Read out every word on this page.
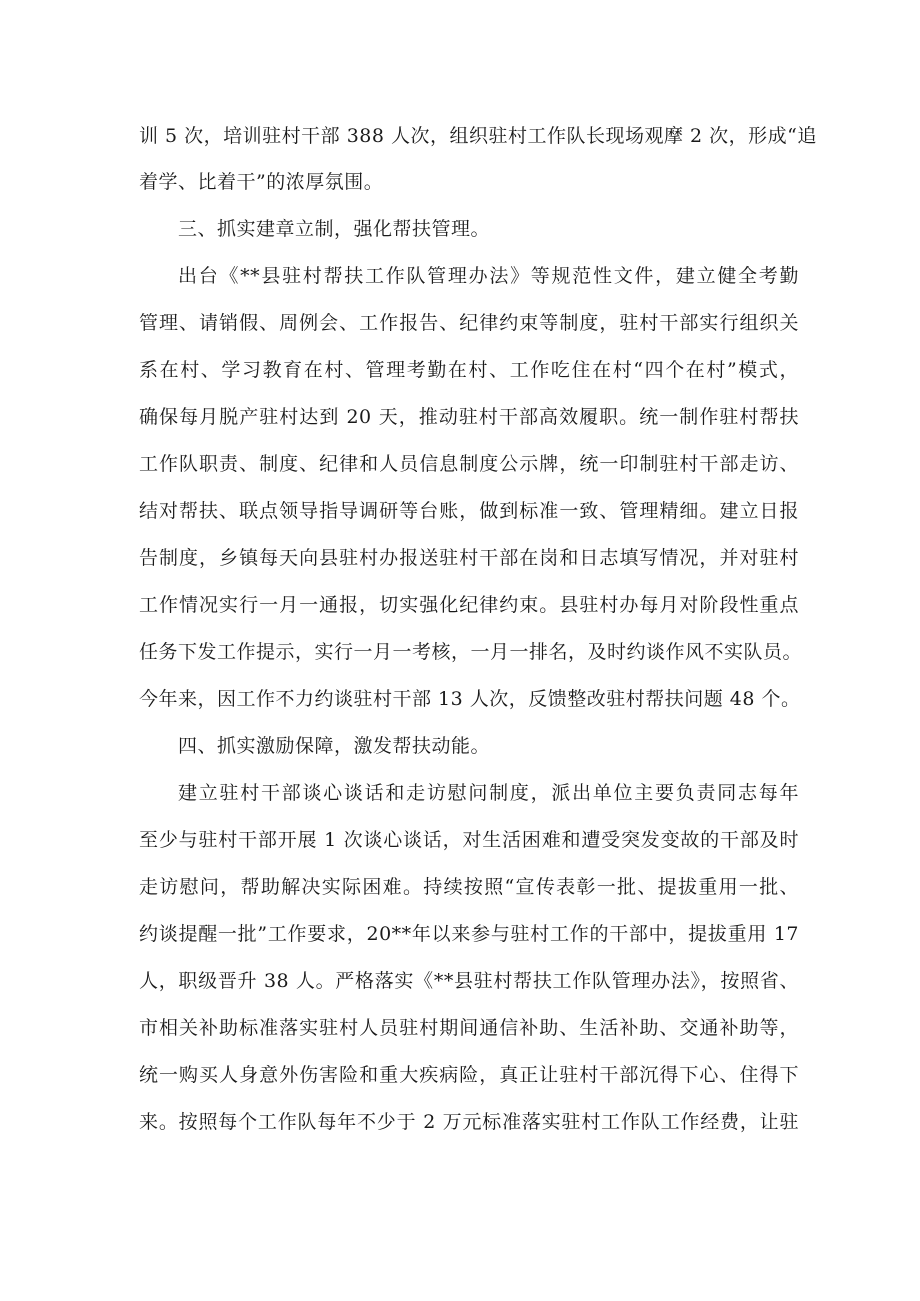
训 5 次，培训驻村干部 388 人次，组织驻村工作队长现场观摩 2 次，形成“追
着学、比着干”的浓厚氛围。
三、抓实建章立制，强化帮扶管理。
出台《**县驻村帮扶工作队管理办法》等规范性文件，建立健全考勤
管理、请销假、周例会、工作报告、纪律约束等制度，驻村干部实行组织关
系在村、学习教育在村、管理考勤在村、工作吃住在村“四个在村”模式，
确保每月脱产驻村达到 20 天，推动驻村干部高效履职。统一制作驻村帮扶
工作队职责、制度、纪律和人员信息制度公示牌，统一印制驻村干部走访、
结对帮扶、联点领导指导调研等台账，做到标准一致、管理精细。建立日报
告制度，乡镇每天向县驻村办报送驻村干部在岗和日志填写情况，并对驻村
工作情况实行一月一通报，切实强化纪律约束。县驻村办每月对阶段性重点
任务下发工作提示，实行一月一考核，一月一排名，及时约谈作风不实队员。
今年来，因工作不力约谈驻村干部 13 人次，反馈整改驻村帮扶问题 48 个。
四、抓实激励保障，激发帮扶动能。
建立驻村干部谈心谈话和走访慰问制度，派出单位主要负责同志每年
至少与驻村干部开展 1 次谈心谈话，对生活困难和遭受突发变故的干部及时
走访慰问，帮助解决实际困难。持续按照“宣传表彰一批、提拔重用一批、
约谈提醒一批”工作要求，20**年以来参与驻村工作的干部中，提拔重用 17
人，职级晋升 38 人。严格落实《**县驻村帮扶工作队管理办法》，按照省、
市相关补助标准落实驻村人员驻村期间通信补助、生活补助、交通补助等，
统一购买人身意外伤害险和重大疾病险，真正让驻村干部沉得下心、住得下
来。按照每个工作队每年不少于 2 万元标准落实驻村工作队工作经费，让驻
